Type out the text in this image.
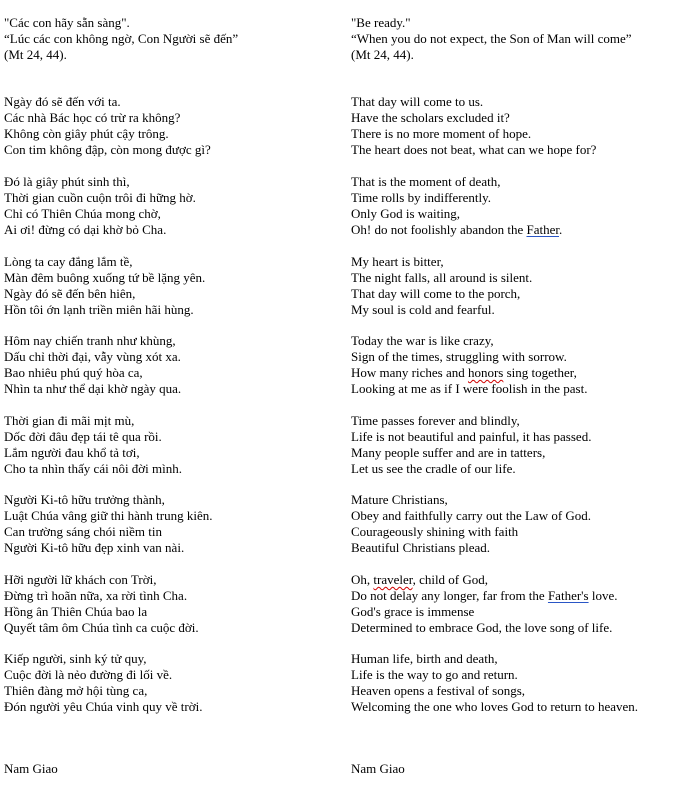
"Các con hãy sẵn sàng".
“Lúc các con không ngờ, Con Người sẽ đến”
(Mt 24, 44).
Ngày đó sẽ đến với ta.
Các nhà Bác học có trừ ra không?
Không còn giây phút cậy trông.
Con tim không đập, còn mong được gì?
Đó là giây phút sinh thì,
Thời gian cuồn cuộn trôi đi hững hờ.
Chỉ có Thiên Chúa mong chờ,
Ai ơi! đừng có dại khờ bỏ Cha.
Lòng ta cay đắng lắm tề,
Màn đêm buông xuống tứ bề lặng yên.
Ngày đó sẽ đến bên hiên,
Hồn tôi ớn lạnh triền miên hãi hùng.
Hôm nay chiến tranh như khùng,
Dấu chỉ thời đại, vẫy vùng xót xa.
Bao nhiêu phú quý hòa ca,
Nhìn ta như thể dại khờ ngày qua.
Thời gian đi mãi mịt mù,
Dốc đời đâu đẹp tái tê qua rồi.
Lắm người đau khổ tả tơi,
Cho ta nhìn thấy cái nôi đời mình.
Người Ki-tô hữu trưởng thành,
Luật Chúa vâng giữ thi hành trung kiên.
Can trường sáng chói niềm tin
Người Ki-tô hữu đẹp xinh van nài.
Hỡi người lữ khách con Trời,
Đừng trì hoãn nữa, xa rời tình Cha.
Hồng ân Thiên Chúa bao la
Quyết tâm ôm Chúa tình ca cuộc đời.
Kiếp người, sinh ký tử quy,
Cuộc đời là nẻo đường đi lối về.
Thiên đàng mở hội tùng ca,
Đón người yêu Chúa vinh quy về trời.
Nam Giao
"Be ready."
“When you do not expect, the Son of Man will come”
(Mt 24, 44).
That day will come to us.
Have the scholars excluded it?
There is no more moment of hope.
The heart does not beat, what can we hope for?
That is the moment of death,
Time rolls by indifferently.
Only God is waiting,
Oh! do not foolishly abandon the Father.
My heart is bitter,
The night falls, all around is silent.
That day will come to the porch,
My soul is cold and fearful.
Today the war is like crazy,
Sign of the times, struggling with sorrow.
How many riches and honors sing together,
Looking at me as if I were foolish in the past.
Time passes forever and blindly,
Life is not beautiful and painful, it has passed.
Many people suffer and are in tatters,
Let us see the cradle of our life.
Mature Christians,
Obey and faithfully carry out the Law of God.
Courageously shining with faith
Beautiful Christians plead.
Oh, traveler, child of God,
Do not delay any longer, far from the Father's love.
God's grace is immense
Determined to embrace God, the love song of life.
Human life, birth and death,
Life is the way to go and return.
Heaven opens a festival of songs,
Welcoming the one who loves God to return to heaven.
Nam Giao
